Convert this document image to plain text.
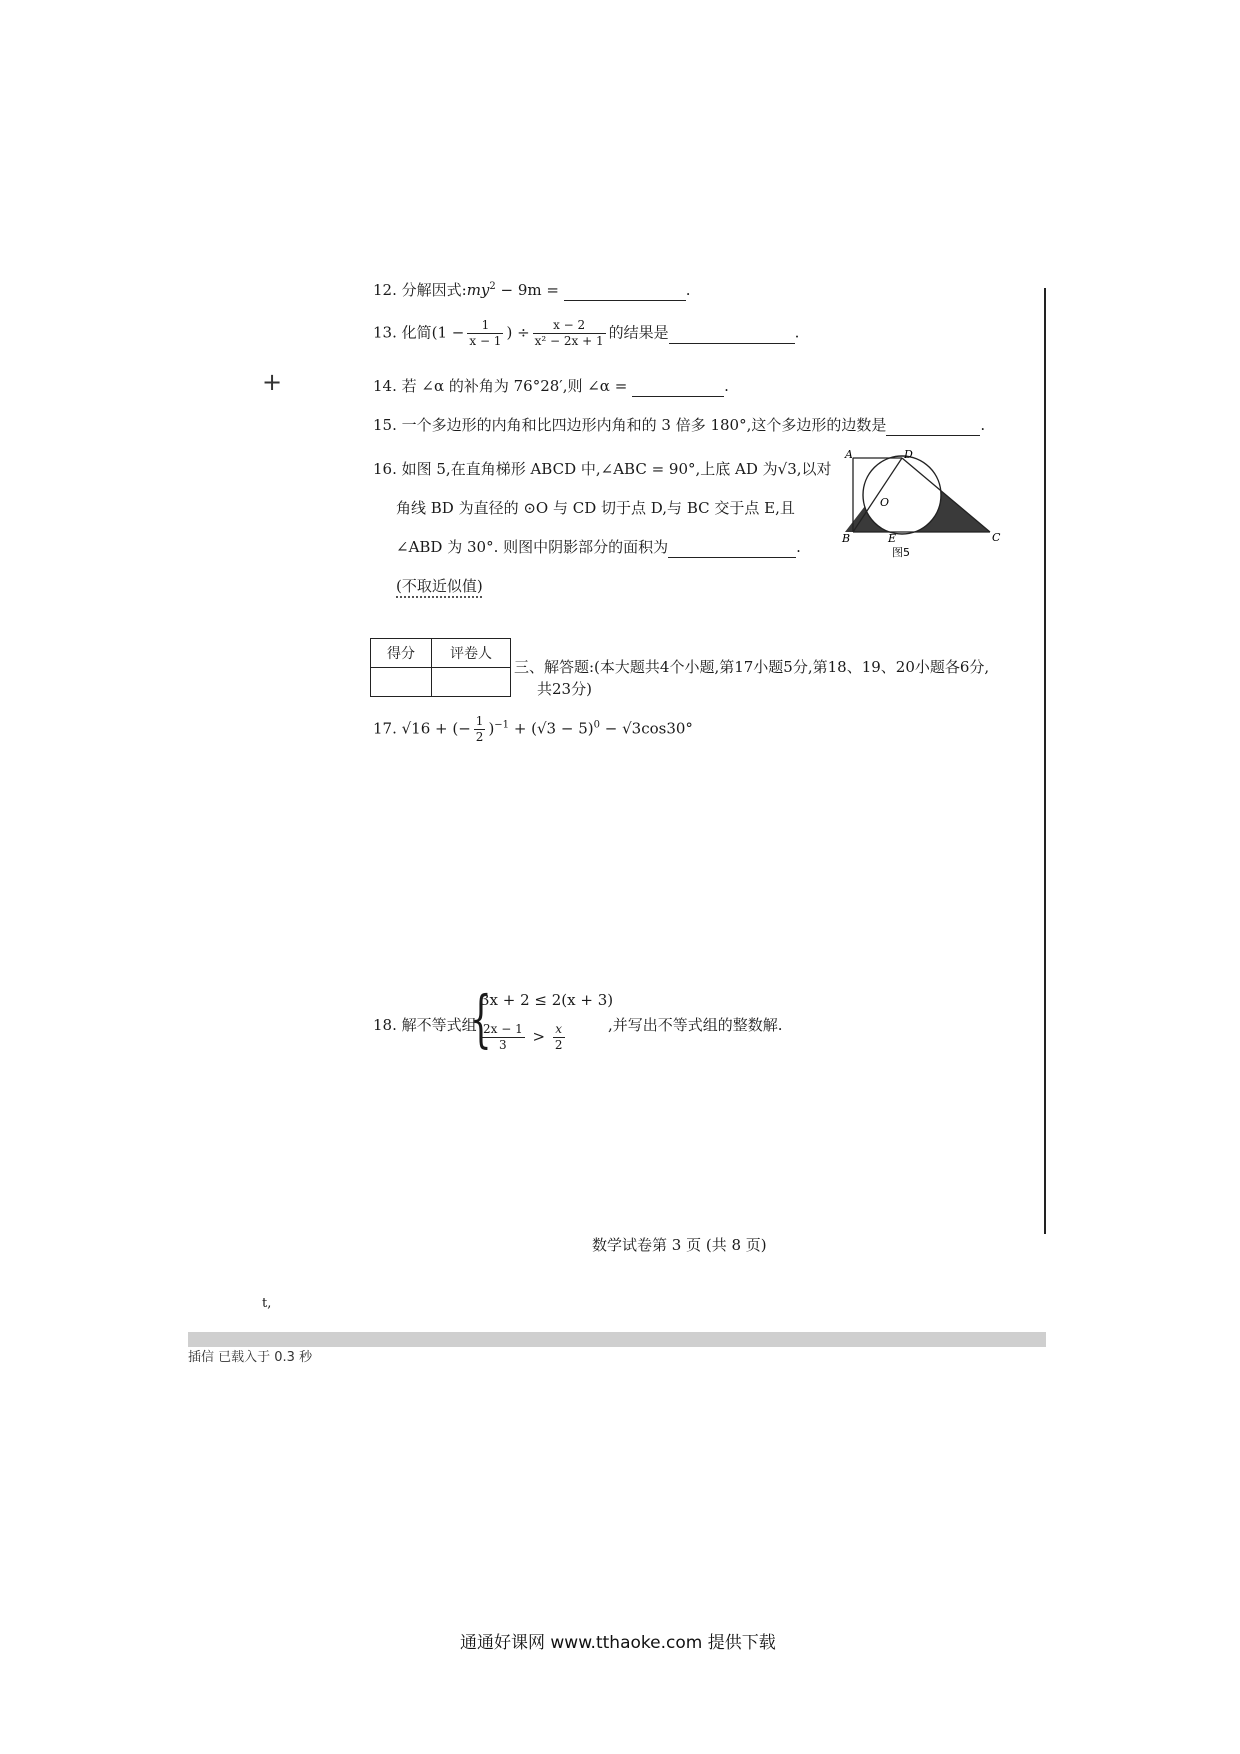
+
12. 分解因式$:my^2 - 9m$ =	.
13. 化简($1 - \frac{1}{x - 1}$ ) ÷ $\frac{x - 2}{\text{x² − 2x + 1}}$ 的结果是	.
14. 若 ∠α 的补角为 76°28′,则 ∠α =	.
15. 一个多边形的内角和比四边形内角和的 3 倍多 180°,这个多边形的边数是	.
16. 如图 5,在直角梯形 ABCD 中,∠ABC = 90°,上底 AD 为√3,以对
角线 BD 为直径的 ⊙O 与 CD 切于点 D,与 BC 交于点 E,且
∠ABD 为 30°. 则图中阴影部分的面积为	.
(不取近似值)
A	D
O
B	E	C
图5
得分	评卷人

三、解答题:(本大题共4个小题,第17小题5分,第18、19、20小题各6分,
共23分)
17. √16 + (− $\frac{1}{2} )^{-1} + (√3 - 5)^0 - √3\cos 30^\circ$
18. 解不等式组
{
3x + 2 ≤ 2(x + 3)
$\frac{2x - 1}{3} > \frac{x}{2}$	,并写出不等式组的整数解.
数学试卷第 3 页 (共 8 页)
t,
插信 已载入于 0.3 秒
通通好课网 www.tthaoke.com 提供下载
